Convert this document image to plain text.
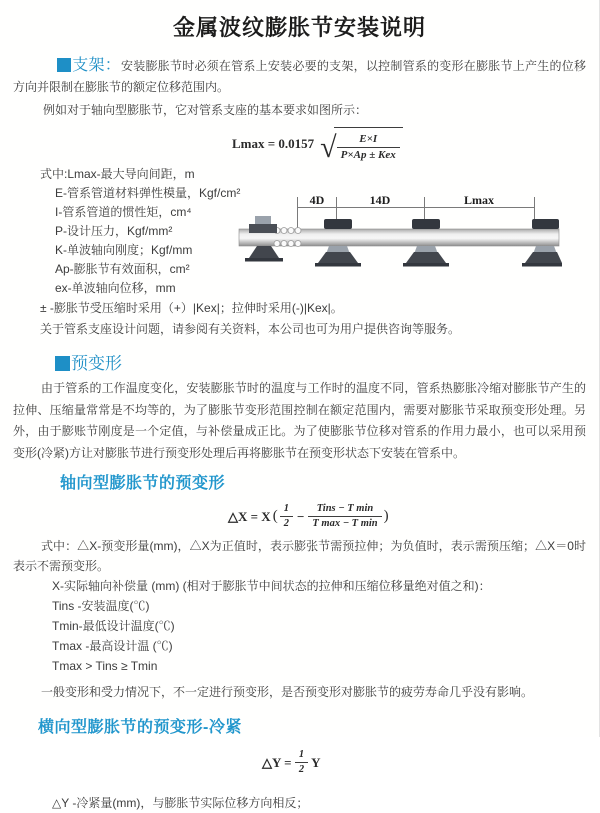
金属波纹膨胀节安装说明

支架：安装膨胀节时必须在管系上安装必要的支架，以控制管系的变形在膨胀节上产生的位移方向并限制在膨胀节的额定位移范围内。

例如对于轴向型膨胀节，它对管系支座的基本要求如图所示：

Lmax = 0.0157 √ $\frac{E\times I}{\text{P×Ap ± Kex}}$
式中:Lmax-最大导向间距，m
E-管系管道材料弹性模量，Kgf/cm²
I-管系管道的惯性矩，cm⁴
P-设计压力，Kgf/mm²
K-单波轴向刚度；Kgf/mm
Ap-膨胀节有效面积，cm²
ex-单波轴向位移，mm

± -膨胀节受压缩时采用（+）|Kex|；拉伸时采用(-)|Kex|。

关于管系支座设计问题，请参阅有关资料，本公司也可为用户提供咨询等服务。

4D	14D	Lmax
预变形

由于管系的工作温度变化，安装膨胀节时的温度与工作时的温度不同，管系热膨胀冷缩对膨胀节产生的拉伸、压缩量常常是不均等的，为了膨胀节变形范围控制在额定范围内，需要对膨胀节采取预变形处理。另外，由于膨账节刚度是一个定值，与补偿量成正比。为了使膨胀节位移对管系的作用力最小，也可以采用预变形(冷紧)方让对膨胀节进行预变形处理后再将膨胀节在预变形状态下安装在管系中。

轴向型膨胀节的预变形
△X = X ( $\frac{1}{2} - \frac{\text{Tins − T min}}{\text{T max − T min}}$ )

式中：△X-预变形量(mm)，△X为正值时，表示膨张节需预拉伸；为负值时，表示需预压缩；△X＝0时表示不需预变形。

X-实际轴向补偿量 (mm) (相对于膨胀节中间状态的拉伸和压缩位移量绝对值之和)：

Tins -安装温度(℃)

Tmin-最低设计温度(℃)

Tmax -最高设计温 (℃)

Tmax > Tins ≥ Tmin

一般变形和受力情况下，不一定进行预变形，是否预变形对膨胀节的疲劳寿命几乎没有影响。

横向型膨胀节的预变形-冷紧
△Y =
$\frac{1}{2}$ Y

△Y -冷紧量(mm)，与膨胀节实际位移方向相反；
